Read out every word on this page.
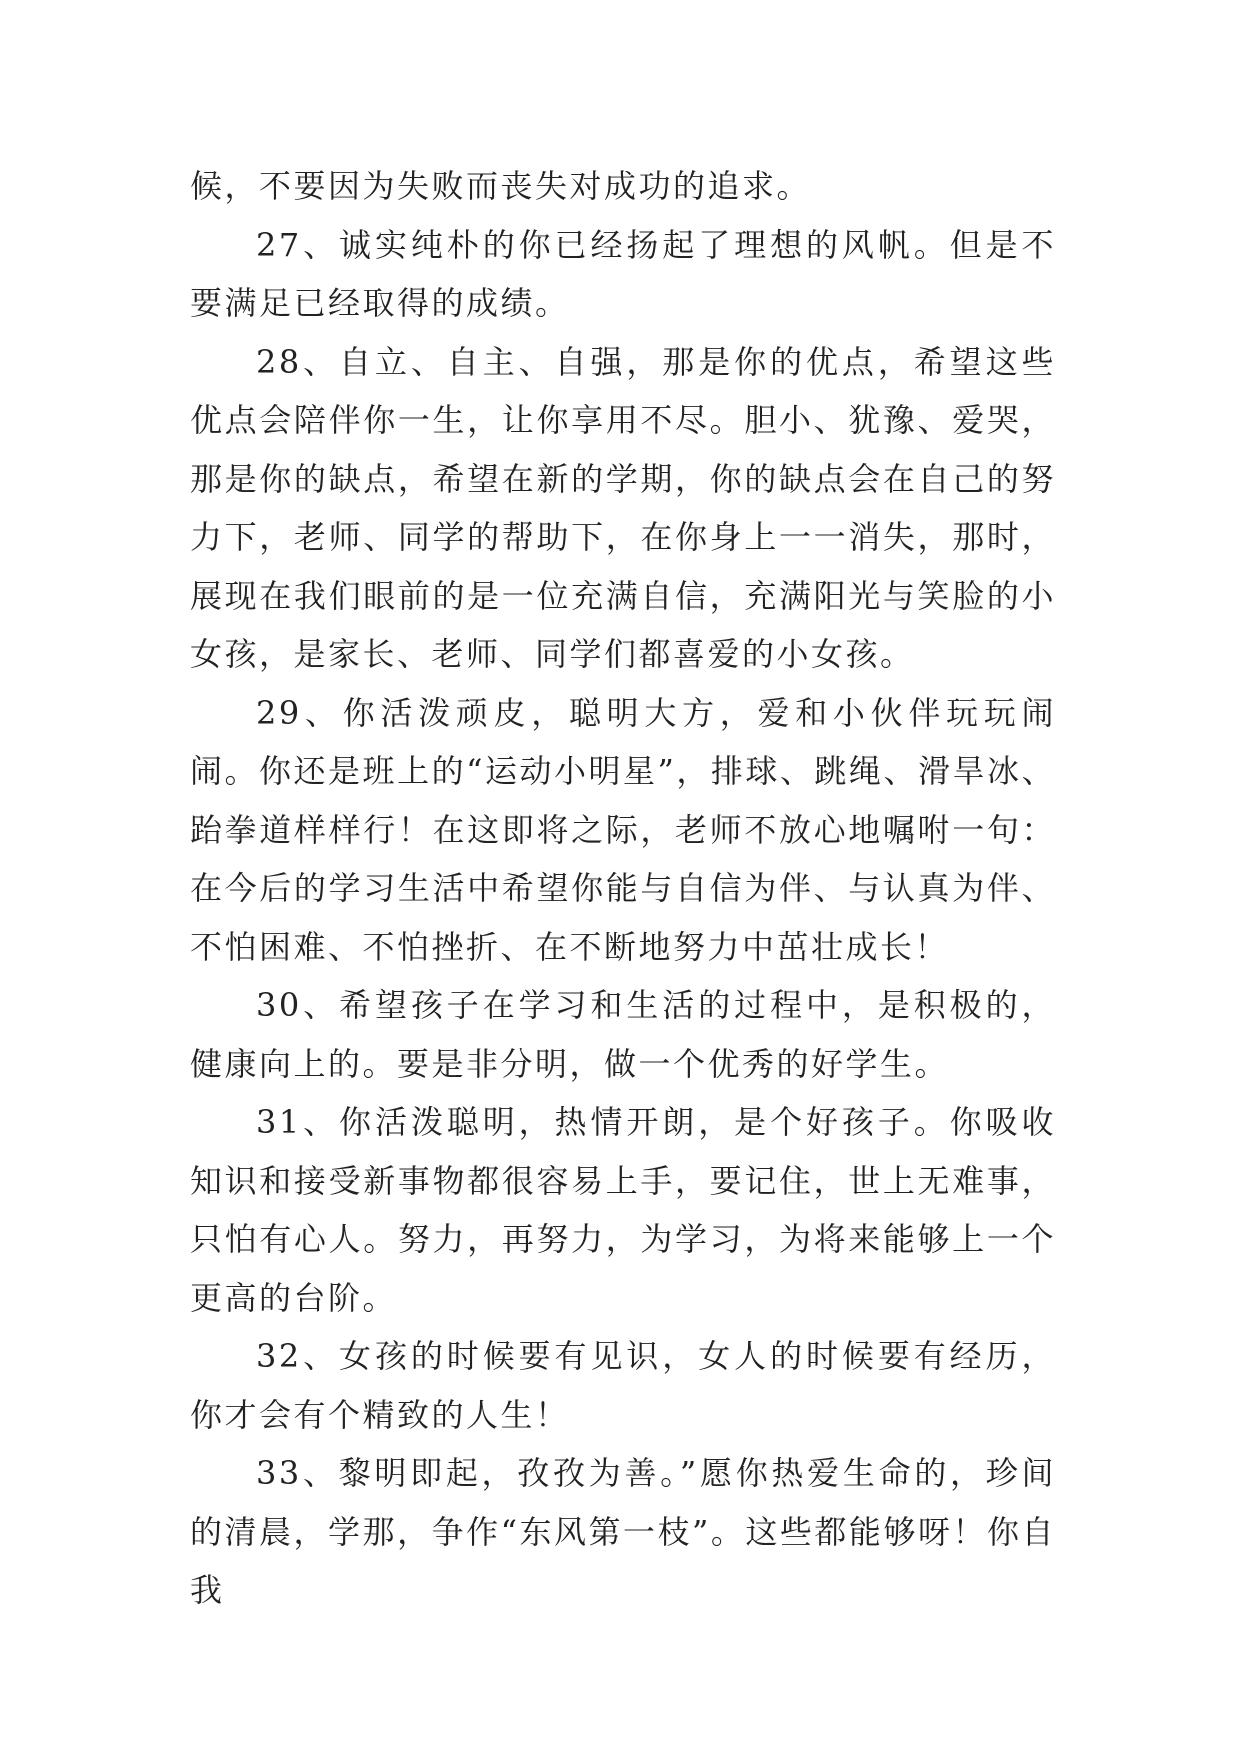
候，不要因为失败而丧失对成功的追求。

27、诚实纯朴的你已经扬起了理想的风帆。但是不要满足已经取得的成绩。

28、自立、自主、自强，那是你的优点，希望这些优点会陪伴你一生，让你享用不尽。胆小、犹豫、爱哭，那是你的缺点，希望在新的学期，你的缺点会在自己的努力下，老师、同学的帮助下，在你身上一一消失，那时，展现在我们眼前的是一位充满自信，充满阳光与笑脸的小女孩，是家长、老师、同学们都喜爱的小女孩。

29、你活泼顽皮，聪明大方，爱和小伙伴玩玩闹闹。你还是班上的“运动小明星”，排球、跳绳、滑旱冰、跆拳道样样行！在这即将之际，老师不放心地嘱咐一句：在今后的学习生活中希望你能与自信为伴、与认真为伴、不怕困难、不怕挫折、在不断地努力中茁壮成长！

30、希望孩子在学习和生活的过程中，是积极的，健康向上的。要是非分明，做一个优秀的好学生。

31、你活泼聪明，热情开朗，是个好孩子。你吸收知识和接受新事物都很容易上手，要记住，世上无难事，只怕有心人。努力，再努力，为学习，为将来能够上一个更高的台阶。

32、女孩的时候要有见识，女人的时候要有经历，你才会有个精致的人生！

33、黎明即起，孜孜为善。”愿你热爱生命的，珍间的清晨，学那，争作“东风第一枝”。这些都能够呀！你自我
